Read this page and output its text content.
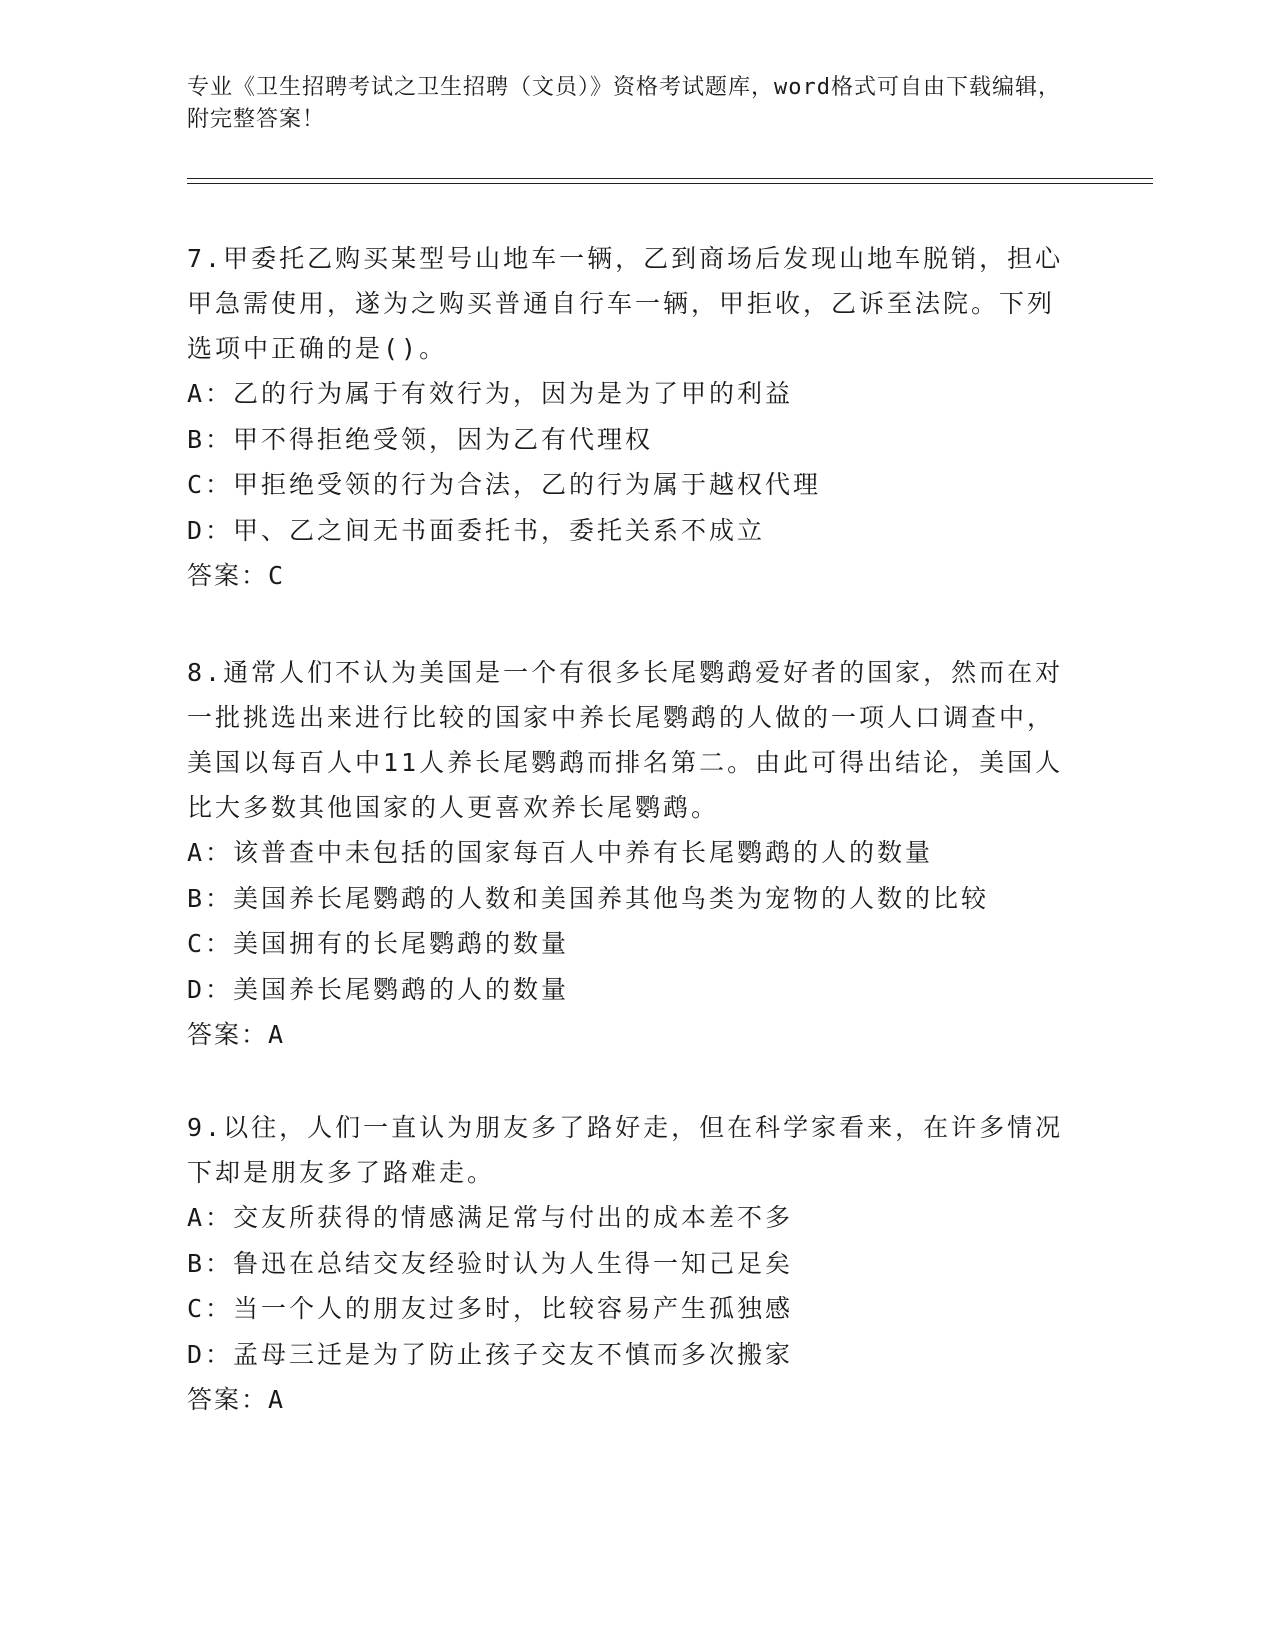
专业《卫生招聘考试之卫生招聘（文员）》资格考试题库，word格式可自由下载编辑，附完整答案！
7.甲委托乙购买某型号山地车一辆，乙到商场后发现山地车脱销，担心甲急需使用，遂为之购买普通自行车一辆，甲拒收，乙诉至法院。下列选项中正确的是()。
A：乙的行为属于有效行为，因为是为了甲的利益
B：甲不得拒绝受领，因为乙有代理权
C：甲拒绝受领的行为合法，乙的行为属于越权代理
D：甲、乙之间无书面委托书，委托关系不成立
答案：C
8.通常人们不认为美国是一个有很多长尾鹦鹉爱好者的国家，然而在对一批挑选出来进行比较的国家中养长尾鹦鹉的人做的一项人口调查中，美国以每百人中11人养长尾鹦鹉而排名第二。由此可得出结论，美国人比大多数其他国家的人更喜欢养长尾鹦鹉。
A：该普查中未包括的国家每百人中养有长尾鹦鹉的人的数量
B：美国养长尾鹦鹉的人数和美国养其他鸟类为宠物的人数的比较
C：美国拥有的长尾鹦鹉的数量
D：美国养长尾鹦鹉的人的数量
答案：A
9.以往，人们一直认为朋友多了路好走，但在科学家看来，在许多情况下却是朋友多了路难走。
A：交友所获得的情感满足常与付出的成本差不多
B：鲁迅在总结交友经验时认为人生得一知己足矣
C：当一个人的朋友过多时，比较容易产生孤独感
D：孟母三迁是为了防止孩子交友不慎而多次搬家
答案：A
